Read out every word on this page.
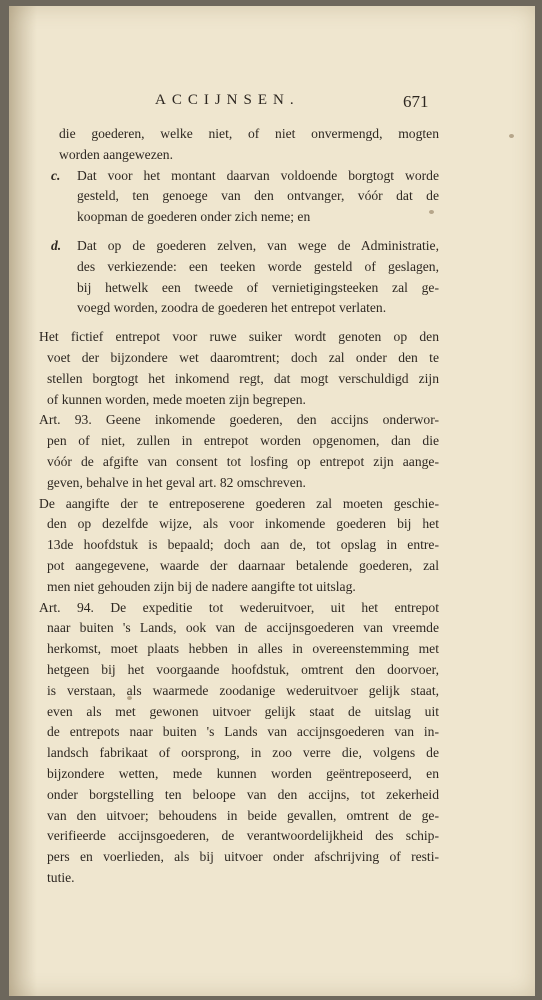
ACCIJNSEN.	671

die goederen, welke niet, of niet onvermengd, mogten
worden aangewezen.

c. Dat voor het montant daarvan voldoende borgtogt worde
gesteld, ten genoege van den ontvanger, vóór dat de
koopman de goederen onder zich neme; en
d. Dat op de goederen zelven, van wege de Administratie,
des verkiezende: een teeken worde gesteld of geslagen,
bij hetwelk een tweede of vernietigingsteeken zal ge-
voegd worden, zoodra de goederen het entrepot verlaten.

Het fictief entrepot voor ruwe suiker wordt genoten op den
voet der bijzondere wet daaromtrent; doch zal onder den te
stellen borgtogt het inkomend regt, dat mogt verschuldigd zijn
of kunnen worden, mede moeten zijn begrepen.

Art. 93. Geene inkomende goederen, den accijns onderwor-
pen of niet, zullen in entrepot worden opgenomen, dan die
vóór de afgifte van consent tot losfing op entrepot zijn aange-
geven, behalve in het geval art. 82 omschreven.

De aangifte der te entreposerene goederen zal moeten geschie-
den op dezelfde wijze, als voor inkomende goederen bij het
13de hoofdstuk is bepaald; doch aan de, tot opslag in entre-
pot aangegevene, waarde der daarnaar betalende goederen, zal
men niet gehouden zijn bij de nadere aangifte tot uitslag.

Art. 94. De expeditie tot wederuitvoer, uit het entrepot
naar buiten 's Lands, ook van de accijnsgoederen van vreemde
herkomst, moet plaats hebben in alles in overeenstemming met
hetgeen bij het voorgaande hoofdstuk, omtrent den doorvoer,
is verstaan, als waarmede zoodanige wederuitvoer gelijk staat,
even als met gewonen uitvoer gelijk staat de uitslag uit
de entrepots naar buiten 's Lands van accijnsgoederen van in-
landsch fabrikaat of oorsprong, in zoo verre die, volgens de
bijzondere wetten, mede kunnen worden geëntreposeerd, en
onder borgstelling ten beloope van den accijns, tot zekerheid
van den uitvoer; behoudens in beide gevallen, omtrent de ge-
verifieerde accijnsgoederen, de verantwoordelijkheid des schip-
pers en voerlieden, als bij uitvoer onder afschrijving of resti-
tutie.
